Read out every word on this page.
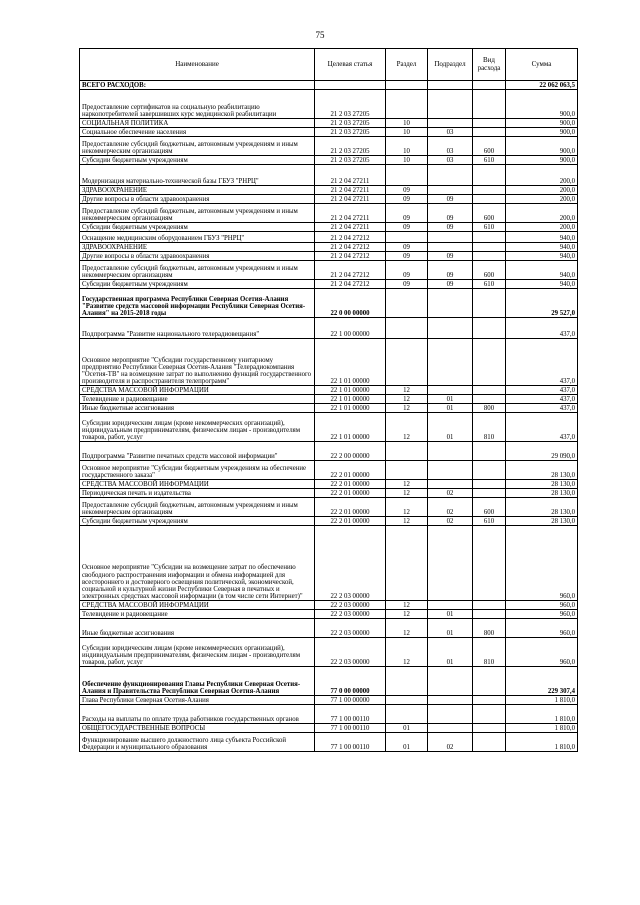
75
Наименование	Целевая статья	Раздел	Подраздел	Вид расхода	Сумма
ВСЕГО РАСХОДОВ:					22 062 063,5
Предоставление сертификатов на социальную реабилитацию наркопотребителей завершивших курс медицинской реабилитации	21 2 03 27205				900,0
СОЦИАЛЬНАЯ ПОЛИТИКА	21 2 03 27205	10			900,0
Социальное обеспечение населения	21 2 03 27205	10	03		900,0
Предоставление субсидий бюджетным, автономным учреждениям и иным некоммерческим организациям	21 2 03 27205	10	03	600	900,0
Субсидии бюджетным учреждениям	21 2 03 27205	10	03	610	900,0
Модернизация материально-технической базы ГБУЗ "РНРЦ"	21 2 04 27211				200,0
ЗДРАВООХРАНЕНИЕ	21 2 04 27211	09			200,0
Другие вопросы в области здравоохранения	21 2 04 27211	09	09		200,0
Предоставление субсидий бюджетным, автономным учреждениям и иным некоммерческим организациям	21 2 04 27211	09	09	600	200,0
Субсидии бюджетным учреждениям	21 2 04 27211	09	09	610	200,0
Оснащение медицинским оборудованием ГБУЗ "РНРЦ"	21 2 04 27212				940,0
ЗДРАВООХРАНЕНИЕ	21 2 04 27212	09			940,0
Другие вопросы в области здравоохранения	21 2 04 27212	09	09		940,0
Предоставление субсидий бюджетным, автономным учреждениям и иным некоммерческим организациям	21 2 04 27212	09	09	600	940,0
Субсидии бюджетным учреждениям	21 2 04 27212	09	09	610	940,0
Государственная программа Республики Северная Осетия-Алания "Развитие средств массовой информации Республики Северная Осетия-Алания" на 2015-2018 годы	22 0 00 00000				29 527,0
Подпрограмма "Развитие национального телерадиовещания"	22 1 00 00000				437,0
Основное мероприятие "Субсидии государственному унитарному предприятию Республики Северная Осетия-Алания "Телерадиокомпания "Осетия-ТВ" на возмещение затрат по выполнению функций государственного производителя и распространителя телепрограмм"	22 1 01 00000				437,0
СРЕДСТВА МАССОВОЙ ИНФОРМАЦИИ	22 1 01 00000	12			437,0
Телевидение и радиовещание	22 1 01 00000	12	01		437,0
Иные бюджетные ассигнования	22 1 01 00000	12	01	800	437,0
Субсидии юридическим лицам (кроме некоммерческих организаций), индивидуальным предпринимателям, физическим лицам - производителям товаров, работ, услуг	22 1 01 00000	12	01	810	437,0
Подпрограмма "Развитие печатных средств массовой информации"	22 2 00 00000				29 090,0
Основное мероприятие "Субсидии бюджетным учреждениям на обеспечение государственного заказа"	22 2 01 00000				28 130,0
СРЕДСТВА МАССОВОЙ ИНФОРМАЦИИ	22 2 01 00000	12			28 130,0
Периодическая печать и издательства	22 2 01 00000	12	02		28 130,0
Предоставление субсидий бюджетным, автономным учреждениям и иным некоммерческим организациям	22 2 01 00000	12	02	600	28 130,0
Субсидии бюджетным учреждениям	22 2 01 00000	12	02	610	28 130,0
Основное мероприятие "Субсидии на возмещение затрат по обеспечению свободного распространения информации и обмена информацией для всестороннего и достоверного освещения политической, экономической, социальной и культурной жизни Республики Северная в печатных и электронных средствах массовой информации (в том числе сети Интернет)"	22 2 03 00000				960,0
СРЕДСТВА МАССОВОЙ ИНФОРМАЦИИ	22 2 03 00000	12			960,0
Телевидение и радиовещание	22 2 03 00000	12	01		960,0
Иные бюджетные ассигнования	22 2 03 00000	12	01	800	960,0
Субсидии юридическим лицам (кроме некоммерческих организаций), индивидуальным предпринимателям, физическим лицам - производителям товаров, работ, услуг	22 2 03 00000	12	01	810	960,0
Обеспечение функционирования Главы Республики Северная Осетия-Алания и Правительства Республики Северная Осетия-Алания	77 0 00 00000				229 307,4
Глава Республики Северная Осетия-Алания	77 1 00 00000				1 810,0
Расходы на выплаты по оплате труда работников государственных органов	77 1 00 00110				1 810,0
ОБЩЕГОСУДАРСТВЕННЫЕ ВОПРОСЫ	77 1 00 00110	01			1 810,0
Функционирование высшего должностного лица субъекта Российской Федерации и муниципального образования	77 1 00 00110	01	02		1 810,0
